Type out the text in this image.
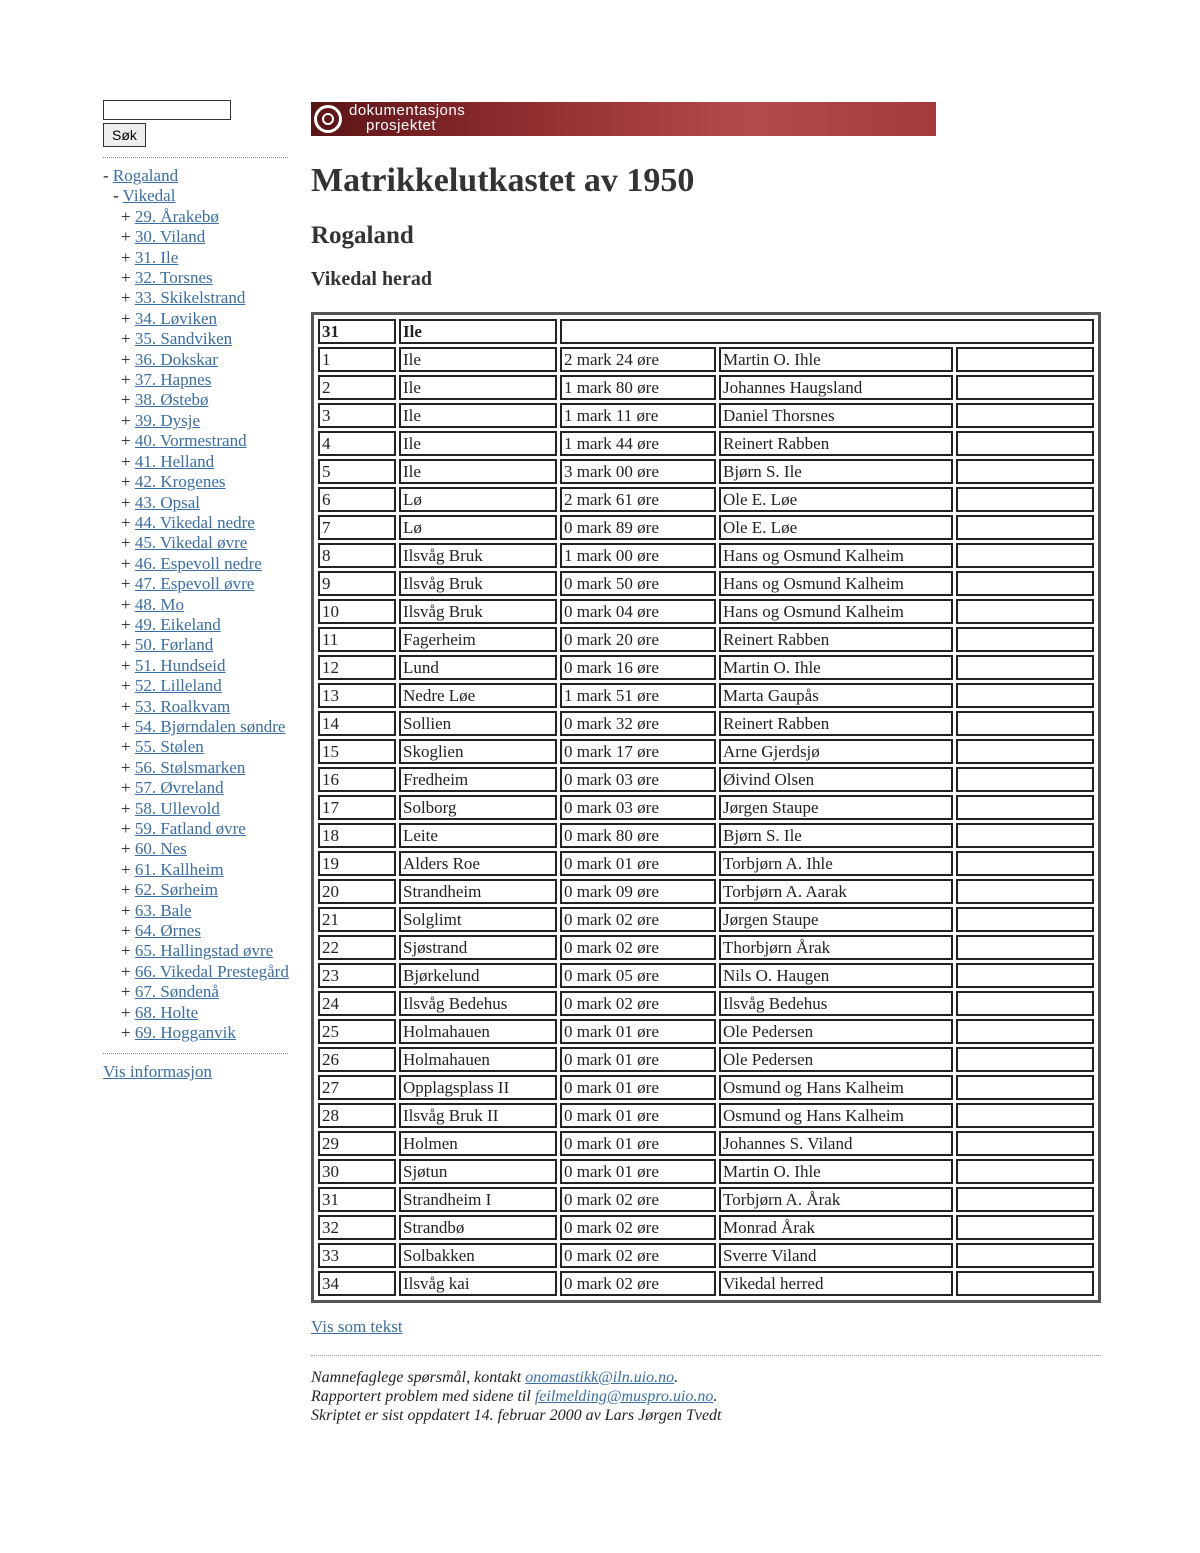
Søk
- Rogaland
- Vikedal
+ 29. Årakebø
+ 30. Viland
+ 31. Ile
+ 32. Torsnes
+ 33. Skikelstrand
+ 34. Løviken
+ 35. Sandviken
+ 36. Dokskar
+ 37. Hapnes
+ 38. Østebø
+ 39. Dysje
+ 40. Vormestrand
+ 41. Helland
+ 42. Krogenes
+ 43. Opsal
+ 44. Vikedal nedre
+ 45. Vikedal øvre
+ 46. Espevoll nedre
+ 47. Espevoll øvre
+ 48. Mo
+ 49. Eikeland
+ 50. Førland
+ 51. Hundseid
+ 52. Lilleland
+ 53. Roalkvam
+ 54. Bjørndalen søndre
+ 55. Stølen
+ 56. Stølsmarken
+ 57. Øvreland
+ 58. Ullevold
+ 59. Fatland øvre
+ 60. Nes
+ 61. Kallheim
+ 62. Sørheim
+ 63. Bale
+ 64. Ørnes
+ 65. Hallingstad øvre
+ 66. Vikedal Prestegård
+ 67. Søndenå
+ 68. Holte
+ 69. Hogganvik
Vis informasjon
dokumentasjons
prosjektet
Matrikkelutkastet av 1950
Rogaland
Vikedal herad
31	Ile			
1	Ile	2 mark 24 øre	Martin O. Ihle	
2	Ile	1 mark 80 øre	Johannes Haugsland	
3	Ile	1 mark 11 øre	Daniel Thorsnes	
4	Ile	1 mark 44 øre	Reinert Rabben	
5	Ile	3 mark 00 øre	Bjørn S. Ile	
6	Lø	2 mark 61 øre	Ole E. Løe	
7	Lø	0 mark 89 øre	Ole E. Løe	
8	Ilsvåg Bruk	1 mark 00 øre	Hans og Osmund Kalheim	
9	Ilsvåg Bruk	0 mark 50 øre	Hans og Osmund Kalheim	
10	Ilsvåg Bruk	0 mark 04 øre	Hans og Osmund Kalheim	
11	Fagerheim	0 mark 20 øre	Reinert Rabben	
12	Lund	0 mark 16 øre	Martin O. Ihle	
13	Nedre Løe	1 mark 51 øre	Marta Gaupås	
14	Sollien	0 mark 32 øre	Reinert Rabben	
15	Skoglien	0 mark 17 øre	Arne Gjerdsjø	
16	Fredheim	0 mark 03 øre	Øivind Olsen	
17	Solborg	0 mark 03 øre	Jørgen Staupe	
18	Leite	0 mark 80 øre	Bjørn S. Ile	
19	Alders Roe	0 mark 01 øre	Torbjørn A. Ihle	
20	Strandheim	0 mark 09 øre	Torbjørn A. Aarak	
21	Solglimt	0 mark 02 øre	Jørgen Staupe	
22	Sjøstrand	0 mark 02 øre	Thorbjørn Årak	
23	Bjørkelund	0 mark 05 øre	Nils O. Haugen	
24	Ilsvåg Bedehus	0 mark 02 øre	Ilsvåg Bedehus	
25	Holmahauen	0 mark 01 øre	Ole Pedersen	
26	Holmahauen	0 mark 01 øre	Ole Pedersen	
27	Opplagsplass II	0 mark 01 øre	Osmund og Hans Kalheim	
28	Ilsvåg Bruk II	0 mark 01 øre	Osmund og Hans Kalheim	
29	Holmen	0 mark 01 øre	Johannes S. Viland	
30	Sjøtun	0 mark 01 øre	Martin O. Ihle	
31	Strandheim I	0 mark 02 øre	Torbjørn A. Årak	
32	Strandbø	0 mark 02 øre	Monrad Årak	
33	Solbakken	0 mark 02 øre	Sverre Viland	
34	Ilsvåg kai	0 mark 02 øre	Vikedal herred	
Vis som tekst
Namnefaglege spørsmål, kontakt onomastikk@iln.uio.no.
Rapportert problem med sidene til feilmelding@muspro.uio.no.
Skriptet er sist oppdatert 14. februar 2000 av Lars Jørgen Tvedt
